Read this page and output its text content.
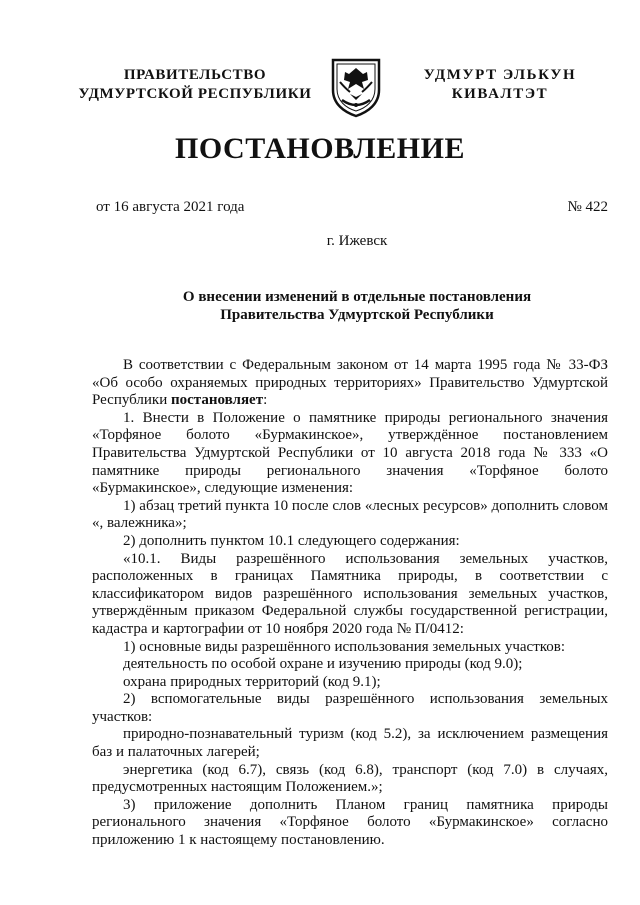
ПРАВИТЕЛЬСТВО
УДМУРТСКОЙ РЕСПУБЛИКИ
УДМУРТ ЭЛЬКУН
КИВАЛТЭТ
ПОСТАНОВЛЕНИЕ
от 16 августа 2021 года	№ 422
г. Ижевск
О внесении изменений в отдельные постановления
Правительства Удмуртской Республики

В соответствии с Федеральным законом от 14 марта 1995 года № 33-ФЗ «Об особо охраняемых природных территориях» Правительство Удмуртской Республики постановляет:

1. Внести в Положение о памятнике природы регионального значения «Торфяное болото «Бурмакинское», утверждённое постановлением Правительства Удмуртской Республики от 10 августа 2018 года № 333 «О памятнике природы регионального значения «Торфяное болото «Бурмакинское», следующие изменения:

1) абзац третий пункта 10 после слов «лесных ресурсов» дополнить словом «, валежника»;

2) дополнить пунктом 10.1 следующего содержания:

«10.1. Виды разрешённого использования земельных участков, расположенных в границах Памятника природы, в соответствии с классификатором видов разрешённого использования земельных участков, утверждённым приказом Федеральной службы государственной регистрации, кадастра и картографии от 10 ноября 2020 года № П/0412:

1) основные виды разрешённого использования земельных участков:

деятельность по особой охране и изучению природы (код 9.0);

охрана природных территорий (код 9.1);

2) вспомогательные виды разрешённого использования земельных участков:

природно-познавательный туризм (код 5.2), за исключением размещения баз и палаточных лагерей;

энергетика (код 6.7), связь (код 6.8), транспорт (код 7.0) в случаях, предусмотренных настоящим Положением.»;

3) приложение дополнить Планом границ памятника природы регионального значения «Торфяное болото «Бурмакинское» согласно приложению 1 к настоящему постановлению.
